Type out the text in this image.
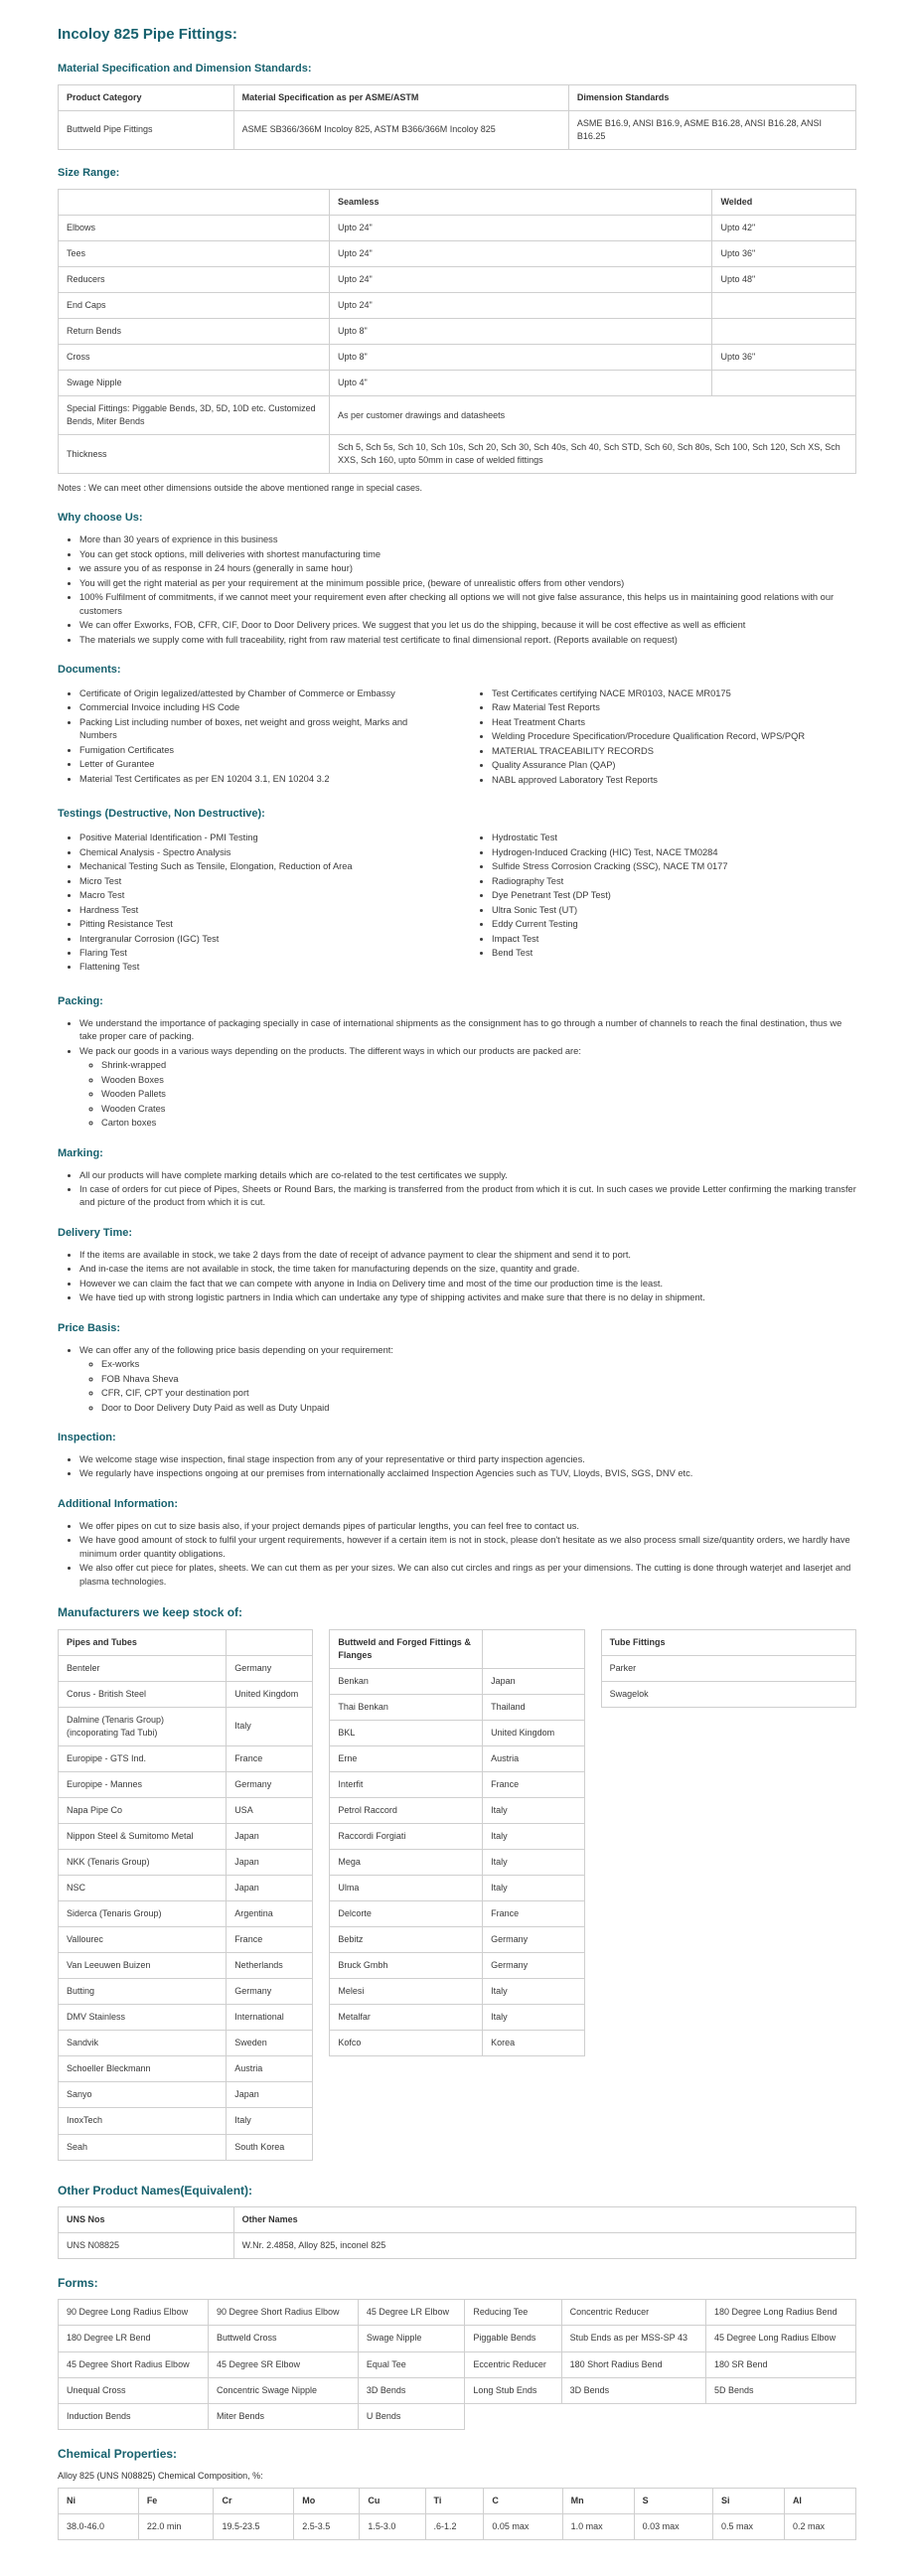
Incoloy 825 Pipe Fittings:
Material Specification and Dimension Standards:
Product Category	Material Specification as per ASME/ASTM	Dimension Standards
Buttweld Pipe Fittings	ASME SB366/366M Incoloy 825, ASTM B366/366M Incoloy 825	ASME B16.9, ANSI B16.9, ASME B16.28, ANSI B16.28, ANSI B16.25
Size Range:
	Seamless	Welded
Elbows	Upto 24"	Upto 42"
Tees	Upto 24"	Upto 36"
Reducers	Upto 24"	Upto 48"
End Caps	Upto 24"	
Return Bends	Upto 8"	
Cross	Upto 8"	Upto 36"
Swage Nipple	Upto 4"	
Special Fittings: Piggable Bends, 3D, 5D, 10D etc. Customized Bends, Miter Bends	As per customer drawings and datasheets	
Thickness	Sch 5, Sch 5s, Sch 10, Sch 10s, Sch 20, Sch 30, Sch 40s, Sch 40, Sch STD, Sch 60, Sch 80s, Sch 100, Sch 120, Sch XS, Sch XXS, Sch 160, upto 50mm in case of welded fittings	
Notes : We can meet other dimensions outside the above mentioned range in special cases.
Why choose Us:
• More than 30 years of exprience in this business
• You can get stock options, mill deliveries with shortest manufacturing time
• we assure you of as response in 24 hours (generally in same hour)
• You will get the right material as per your requirement at the minimum possible price, (beware of unrealistic offers from other vendors)
• 100% Fulfilment of commitments, if we cannot meet your requirement even after checking all options we will not give false assurance, this helps us in maintaining good relations with our customers
• We can offer Exworks, FOB, CFR, CIF, Door to Door Delivery prices. We suggest that you let us do the shipping, because it will be cost effective as well as efficient
• The materials we supply come with full traceability, right from raw material test certificate to final dimensional report. (Reports available on request)
Documents:
• Certificate of Origin legalized/attested by Chamber of Commerce or Embassy
• Commercial Invoice including HS Code
• Packing List including number of boxes, net weight and gross weight, Marks and Numbers
• Fumigation Certificates
• Letter of Gurantee
• Material Test Certificates as per EN 10204 3.1, EN 10204 3.2
• Test Certificates certifying NACE MR0103, NACE MR0175
• Raw Material Test Reports
• Heat Treatment Charts
• Welding Procedure Specification/Procedure Qualification Record, WPS/PQR
• MATERIAL TRACEABILITY RECORDS
• Quality Assurance Plan (QAP)
• NABL approved Laboratory Test Reports
Testings (Destructive, Non Destructive):
• Positive Material Identification - PMI Testing
• Chemical Analysis - Spectro Analysis
• Mechanical Testing Such as Tensile, Elongation, Reduction of Area
• Micro Test
• Macro Test
• Hardness Test
• Pitting Resistance Test
• Intergranular Corrosion (IGC) Test
• Flaring Test
• Flattening Test
• Hydrostatic Test
• Hydrogen-Induced Cracking (HIC) Test, NACE TM0284
• Sulfide Stress Corrosion Cracking (SSC), NACE TM 0177
• Radiography Test
• Dye Penetrant Test (DP Test)
• Ultra Sonic Test (UT)
• Eddy Current Testing
• Impact Test
• Bend Test
Packing:
• We understand the importance of packaging specially in case of international shipments as the consignment has to go through a number of channels to reach the final destination, thus we take proper care of packing.
• We pack our goods in a various ways depending on the products. The different ways in which our products are packed are:
◦ Shrink-wrapped
◦ Wooden Boxes
◦ Wooden Pallets
◦ Wooden Crates
◦ Carton boxes
Marking:
• All our products will have complete marking details which are co-related to the test certificates we supply.
• In case of orders for cut piece of Pipes, Sheets or Round Bars, the marking is transferred from the product from which it is cut. In such cases we provide Letter confirming the marking transfer and picture of the product from which it is cut.
Delivery Time:
• If the items are available in stock, we take 2 days from the date of receipt of advance payment to clear the shipment and send it to port.
• And in-case the items are not available in stock, the time taken for manufacturing depends on the size, quantity and grade.
• However we can claim the fact that we can compete with anyone in India on Delivery time and most of the time our production time is the least.
• We have tied up with strong logistic partners in India which can undertake any type of shipping activites and make sure that there is no delay in shipment.
Price Basis:
• We can offer any of the following price basis depending on your requirement:
◦ Ex-works
◦ FOB Nhava Sheva
◦ CFR, CIF, CPT your destination port
◦ Door to Door Delivery Duty Paid as well as Duty Unpaid
Inspection:
• We welcome stage wise inspection, final stage inspection from any of your representative or third party inspection agencies.
• We regularly have inspections ongoing at our premises from internationally acclaimed Inspection Agencies such as TUV, Lloyds, BVIS, SGS, DNV etc.
Additional Information:
• We offer pipes on cut to size basis also, if your project demands pipes of particular lengths, you can feel free to contact us.
• We have good amount of stock to fulfil your urgent requirements, however if a certain item is not in stock, please don't hesitate as we also process small size/quantity orders, we hardly have minimum order quantity obligations.
• We also offer cut piece for plates, sheets. We can cut them as per your sizes. We can also cut circles and rings as per your dimensions. The cutting is done through waterjet and laserjet and plasma technologies.
Manufacturers we keep stock of:
Pipes and Tubes	
Benteler	Germany
Corus - British Steel	United Kingdom
Dalmine (Tenaris Group) (incoporating Tad Tubi)	Italy
Europipe - GTS Ind.	France
Europipe - Mannes	Germany
Napa Pipe Co	USA
Nippon Steel & Sumitomo Metal	Japan
NKK (Tenaris Group)	Japan
NSC	Japan
Siderca (Tenaris Group)	Argentina
Vallourec	France
Van Leeuwen Buizen	Netherlands
Butting	Germany
DMV Stainless	International
Sandvik	Sweden
Schoeller Bleckmann	Austria
Sanyo	Japan
InoxTech	Italy
Seah	South Korea
Buttweld and Forged Fittings & Flanges	
Benkan	Japan
Thai Benkan	Thailand
BKL	United Kingdom
Erne	Austria
Interfit	France
Petrol Raccord	Italy
Raccordi Forgiati	Italy
Mega	Italy
Ulma	Italy
Delcorte	France
Bebitz	Germany
Bruck Gmbh	Germany
Melesi	Italy
Metalfar	Italy
Kofco	Korea
Tube Fittings
Parker
Swagelok
Other Product Names(Equivalent):
UNS Nos	Other Names
UNS N08825	W.Nr. 2.4858, Alloy 825, inconel 825
Forms:
90 Degree Long Radius Elbow	90 Degree Short Radius Elbow	45 Degree LR Elbow	Reducing Tee	Concentric Reducer	180 Degree Long Radius Bend
180 Degree LR Bend	Buttweld Cross	Swage Nipple	Piggable Bends	Stub Ends as per MSS-SP 43	45 Degree Long Radius Elbow
45 Degree Short Radius Elbow	45 Degree SR Elbow	Equal Tee	Eccentric Reducer	180 Short Radius Bend	180 SR Bend
Unequal Cross	Concentric Swage Nipple	3D Bends	Long Stub Ends	3D Bends	5D Bends
Induction Bends	Miter Bends	U Bends			
Chemical Properties:
Alloy 825 (UNS N08825) Chemical Composition, %:
Ni	Fe	Cr	Mo	Cu	Ti	C	Mn	S	Si	Al
38.0-46.0	22.0 min	19.5-23.5	2.5-3.5	1.5-3.0	.6-1.2	0.05 max	1.0 max	0.03 max	0.5 max	0.2 max
